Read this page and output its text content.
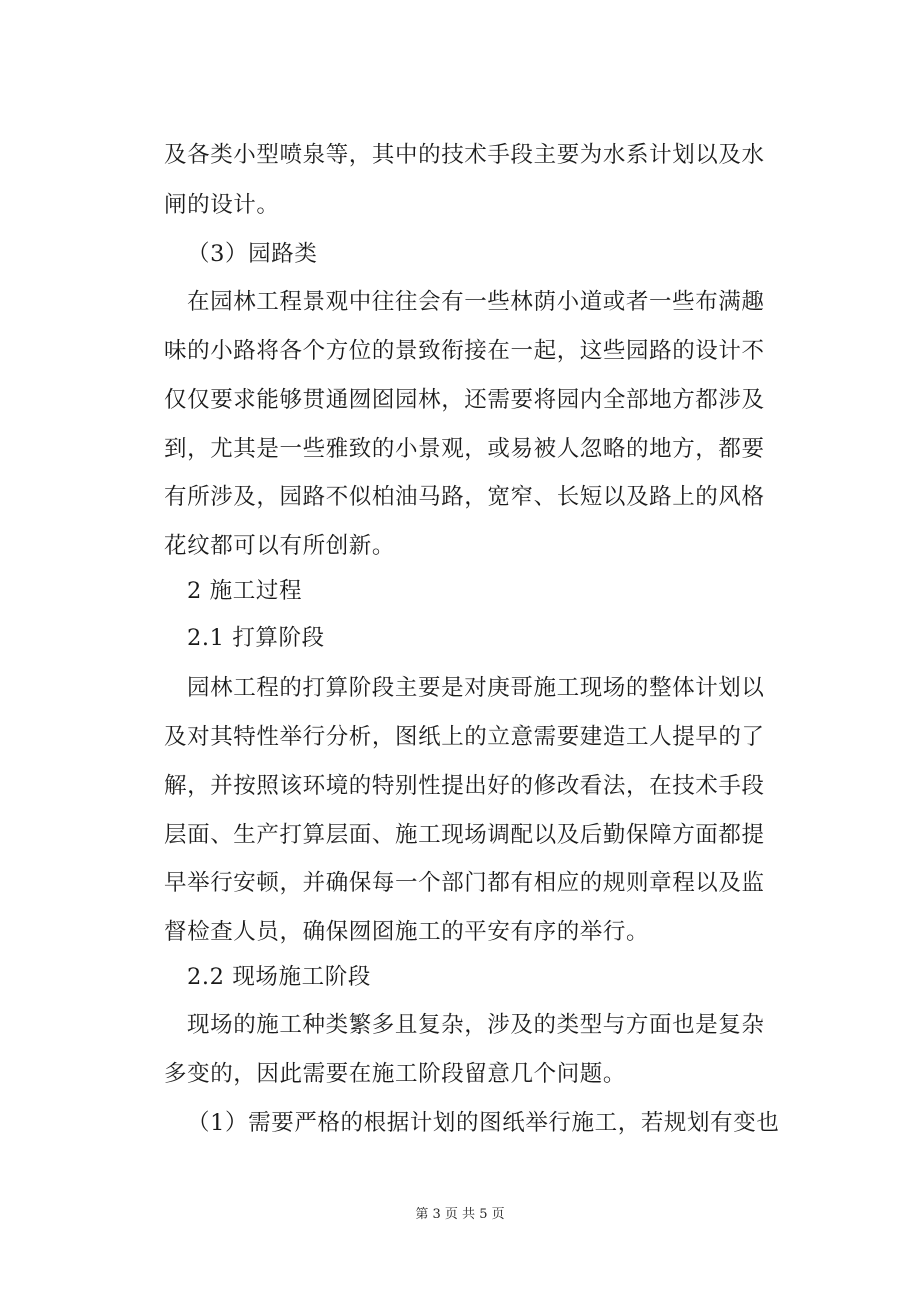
及各类小型喷泉等，其中的技术手段主要为水系计划以及水
闸的设计。
（3）园路类
在园林工程景观中往往会有一些林荫小道或者一些布满趣
味的小路将各个方位的景致衔接在一起，这些园路的设计不
仅仅要求能够贯通囫囵园林，还需要将园内全部地方都涉及
到，尤其是一些雅致的小景观，或易被人忽略的地方，都要
有所涉及，园路不似柏油马路，宽窄、长短以及路上的风格
花纹都可以有所创新。
2 施工过程
2.1 打算阶段
园林工程的打算阶段主要是对庚哥施工现场的整体计划以
及对其特性举行分析，图纸上的立意需要建造工人提早的了
解，并按照该环境的特别性提出好的修改看法，在技术手段
层面、生产打算层面、施工现场调配以及后勤保障方面都提
早举行安顿，并确保每一个部门都有相应的规则章程以及监
督检查人员，确保囫囵施工的平安有序的举行。
2.2 现场施工阶段
现场的施工种类繁多且复杂，涉及的类型与方面也是复杂
多变的，因此需要在施工阶段留意几个问题。
（1）需要严格的根据计划的图纸举行施工，若规划有变也
第 3 页 共 5 页
